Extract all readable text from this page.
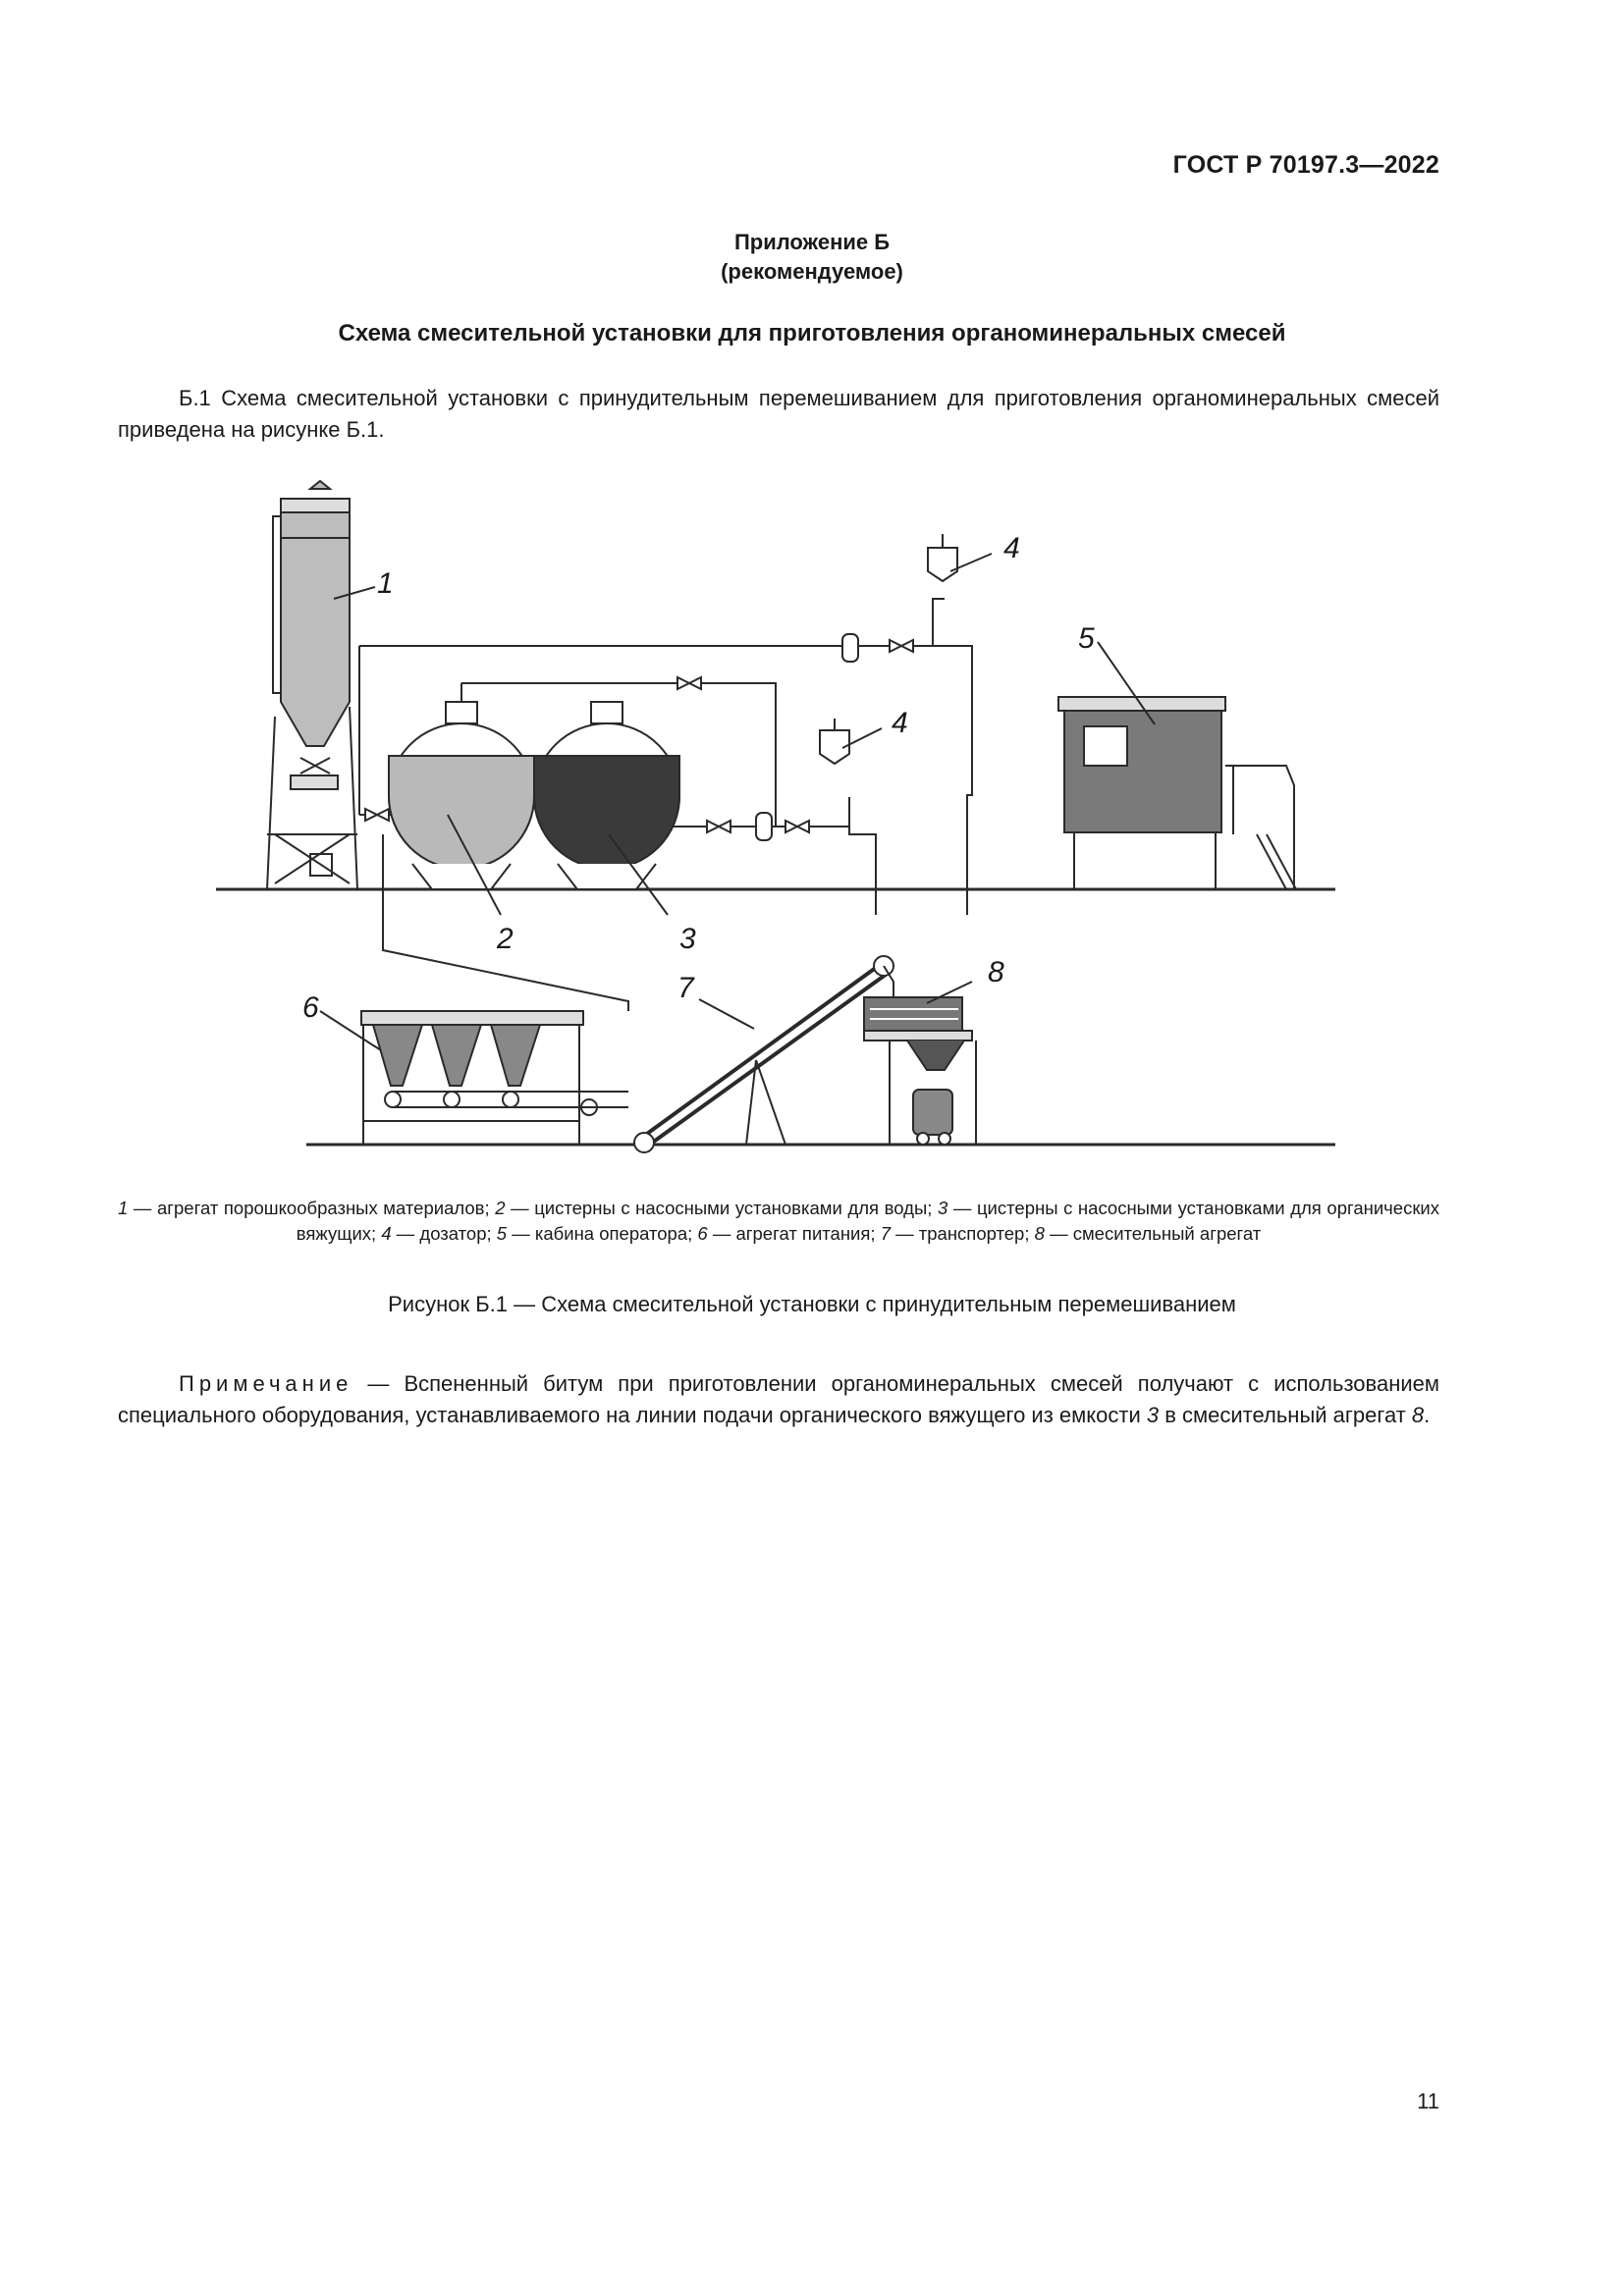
ГОСТ Р 70197.3—2022
Приложение Б
(рекомендуемое)
Схема смесительной установки для приготовления органоминеральных смесей
Б.1 Схема смесительной установки с принудительным перемешиванием для приготовления органоминеральных смесей приведена на рисунке Б.1.
1
2	3
4
4
5
6
7	8
1 — агрегат порошкообразных материалов; 2 — цистерны с насосными установками для воды; 3 — цистерны с насосными установками для органических вяжущих; 4 — дозатор; 5 — кабина оператора; 6 — агрегат питания; 7 — транспортер; 8 — смесительный агрегат
Рисунок Б.1 — Схема смесительной установки с принудительным перемешиванием
Примечание — Вспененный битум при приготовлении органоминеральных смесей получают с использованием специального оборудования, устанавливаемого на линии подачи органического вяжущего из емкости 3 в смесительный агрегат 8.
11
